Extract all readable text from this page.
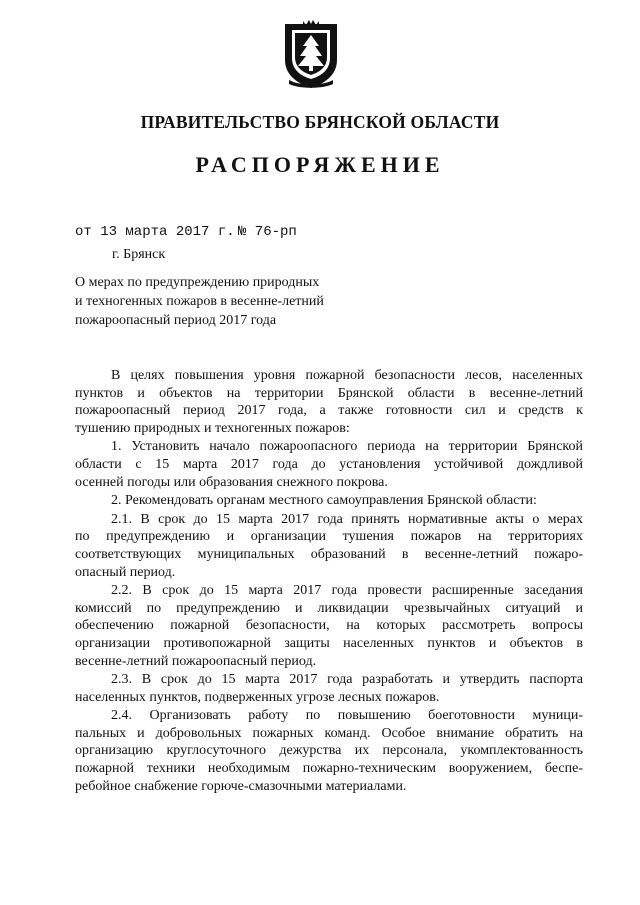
ПРАВИТЕЛЬСТВО БРЯНСКОЙ ОБЛАСТИ
РАСПОРЯЖЕНИЕ
от 13 марта 2017 г. № 76-рп
г. Брянск
О мерах по предупреждению природных
и техногенных пожаров в весенне-летний
пожароопасный период 2017 года
В целях повышения уровня пожарной безопасности лесов, населенных
пунктов и объектов на территории Брянской области в весенне-летний
пожароопасный период 2017 года, а также готовности сил и средств к
тушению природных и техногенных пожаров:
1. Установить начало пожароопасного периода на территории Брянской
области с 15 марта 2017 года до установления устойчивой дождливой
осенней погоды или образования снежного покрова.
2. Рекомендовать органам местного самоуправления Брянской области:
2.1. В срок до 15 марта 2017 года принять нормативные акты о мерах
по предупреждению и организации тушения пожаров на территориях
соответствующих муниципальных образований в весенне-летний пожаро-
опасный период.
2.2. В срок до 15 марта 2017 года провести расширенные заседания
комиссий по предупреждению и ликвидации чрезвычайных ситуаций и
обеспечению пожарной безопасности, на которых рассмотреть вопросы
организации противопожарной защиты населенных пунктов и объектов в
весенне-летний пожароопасный период.
2.3. В срок до 15 марта 2017 года разработать и утвердить паспорта
населенных пунктов, подверженных угрозе лесных пожаров.
2.4. Организовать работу по повышению боеготовности муници-
пальных и добровольных пожарных команд. Особое внимание обратить на
организацию круглосуточного дежурства их персонала, укомплектованность
пожарной техники необходимым пожарно-техническим вооружением, беспе-
ребойное снабжение горюче-смазочными материалами.
